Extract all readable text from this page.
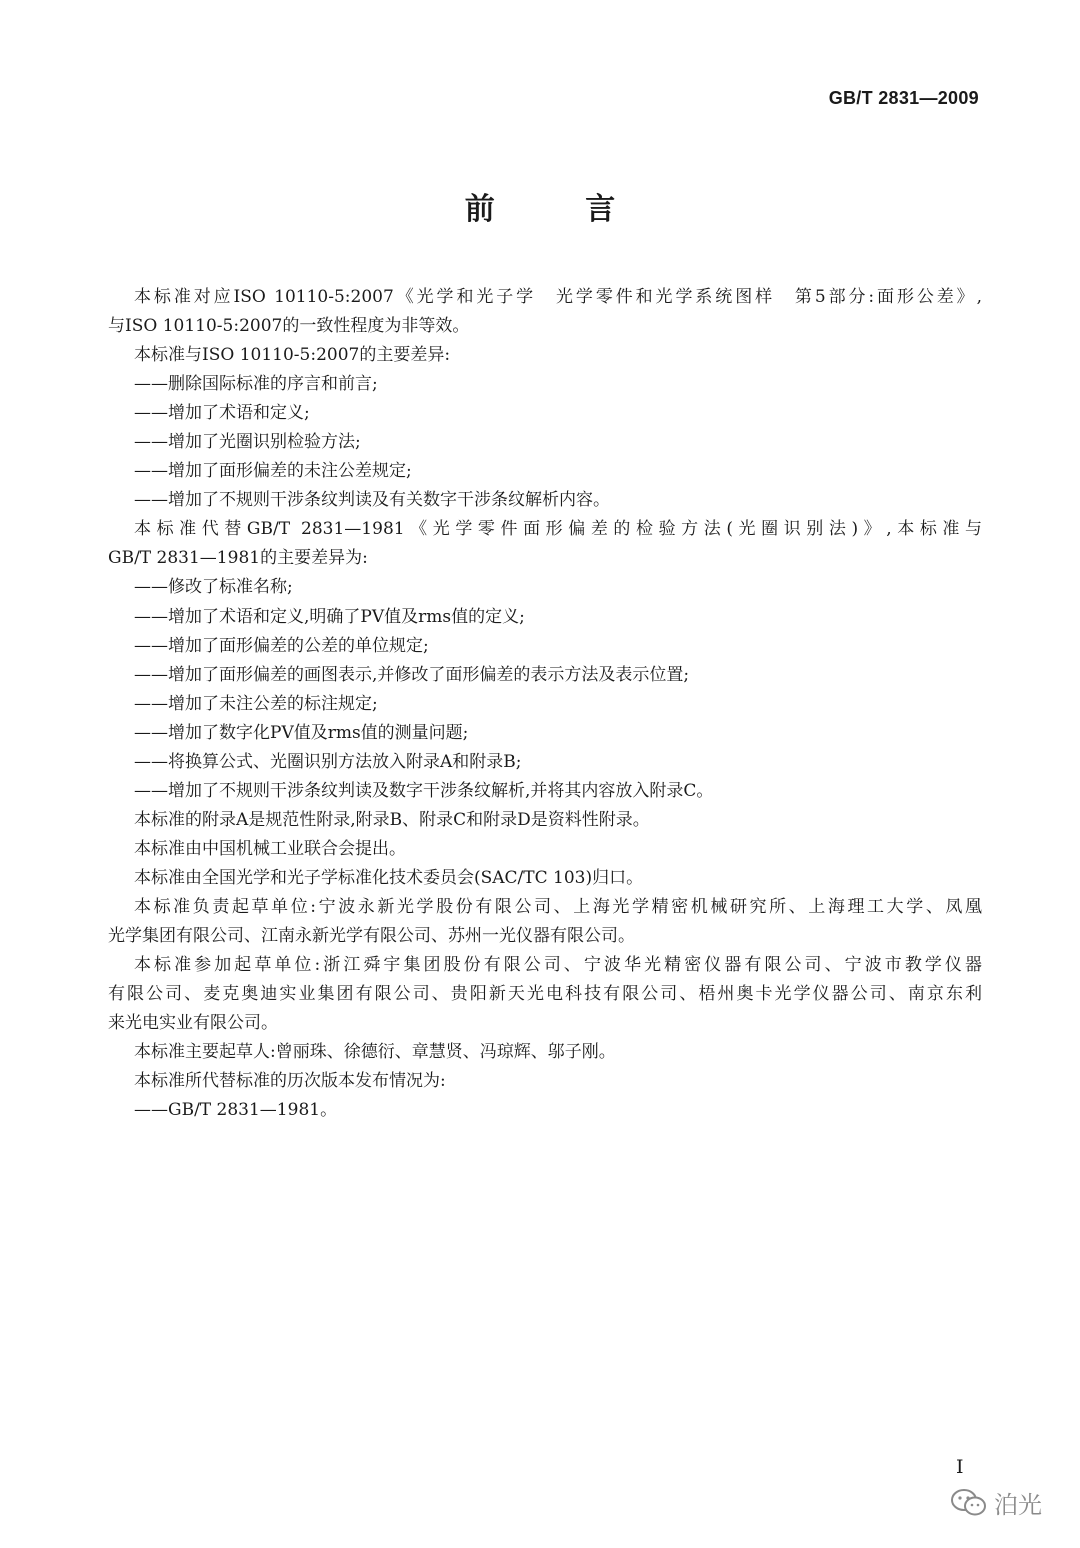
GB/T 2831—2009
前 言

本标准对应ISO 10110-5:2007《光学和光子学　光学零件和光学系统图样　第5部分:面形公差》,

与ISO 10110-5:2007的一致性程度为非等效。

本标准与ISO 10110-5:2007的主要差异:

——删除国际标准的序言和前言;

——增加了术语和定义;

——增加了光圈识别检验方法;

——增加了面形偏差的未注公差规定;

——增加了不规则干涉条纹判读及有关数字干涉条纹解析内容。

本标准代替GB/T 2831—1981《光学零件面形偏差的检验方法(光圈识别法)》,本标准与

GB/T 2831—1981的主要差异为:

——修改了标准名称;

——增加了术语和定义,明确了PV值及rms值的定义;

——增加了面形偏差的公差的单位规定;

——增加了面形偏差的画图表示,并修改了面形偏差的表示方法及表示位置;

——增加了未注公差的标注规定;

——增加了数字化PV值及rms值的测量问题;

——将换算公式、光圈识别方法放入附录A和附录B;

——增加了不规则干涉条纹判读及数字干涉条纹解析,并将其内容放入附录C。

本标准的附录A是规范性附录,附录B、附录C和附录D是资料性附录。

本标准由中国机械工业联合会提出。

本标准由全国光学和光子学标准化技术委员会(SAC/TC 103)归口。

本标准负责起草单位:宁波永新光学股份有限公司、上海光学精密机械研究所、上海理工大学、凤凰

光学集团有限公司、江南永新光学有限公司、苏州一光仪器有限公司。

本标准参加起草单位:浙江舜宇集团股份有限公司、宁波华光精密仪器有限公司、宁波市教学仪器

有限公司、麦克奥迪实业集团有限公司、贵阳新天光电科技有限公司、梧州奥卡光学仪器公司、南京东利

来光电实业有限公司。

本标准主要起草人:曾丽珠、徐德衍、章慧贤、冯琼辉、邬子刚。

本标准所代替标准的历次版本发布情况为:

——GB/T 2831—1981。

I
泊光
